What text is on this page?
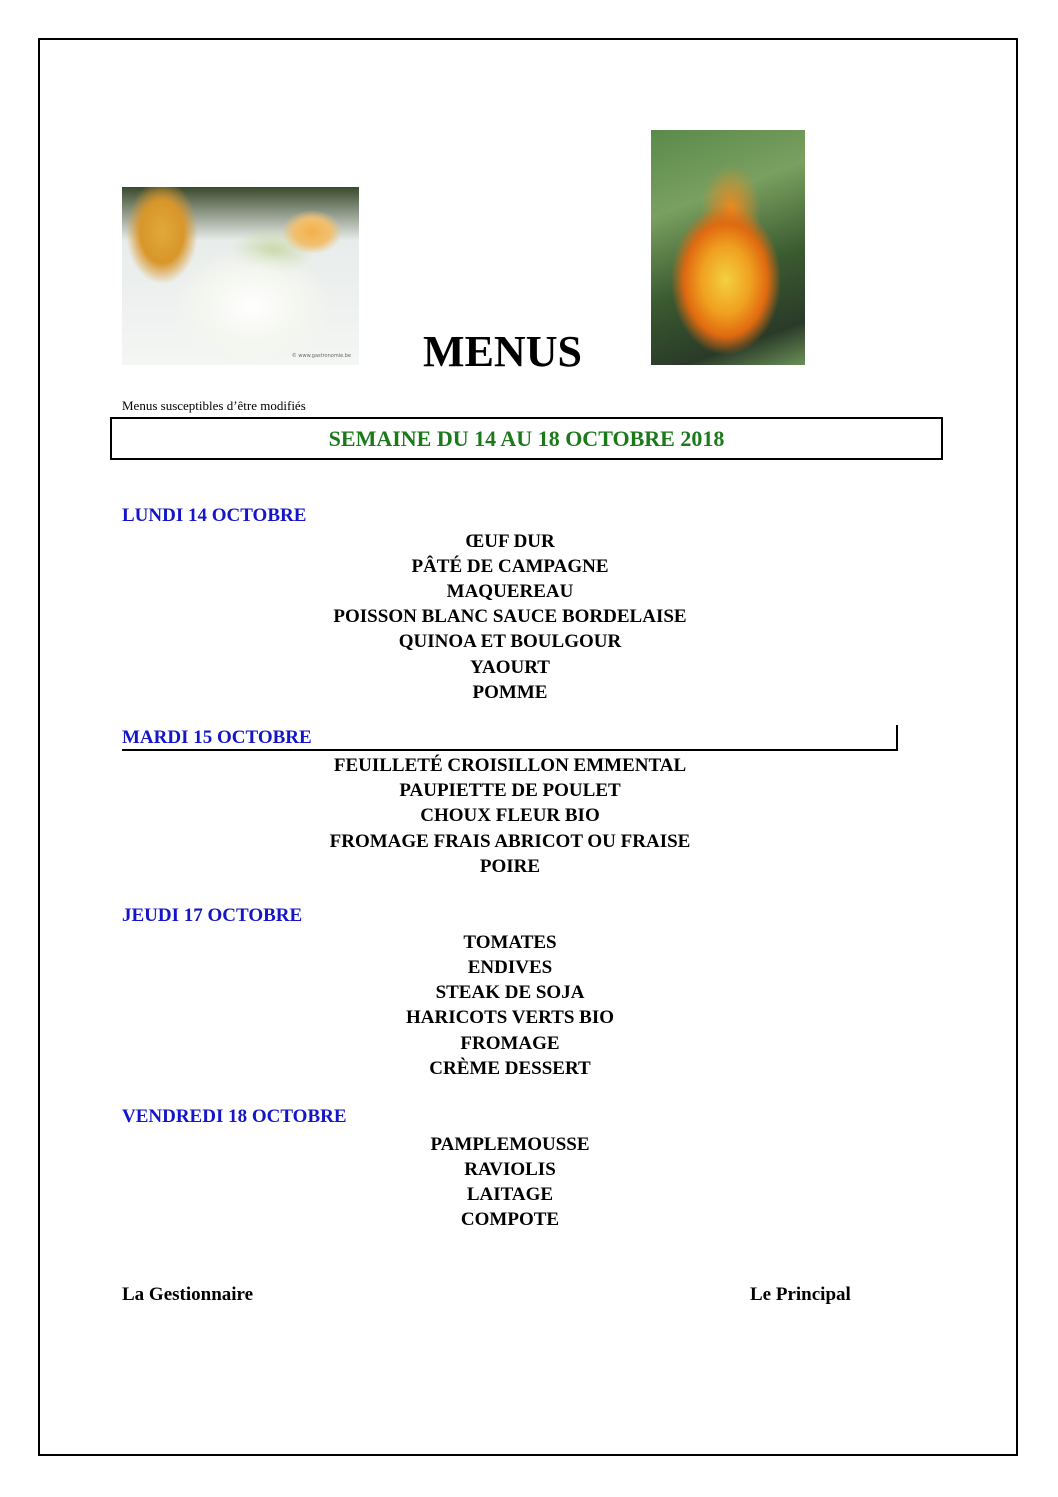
© www.gastronomie.be MENUS
Menus susceptibles d’être modifiés
SEMAINE DU 14 AU 18 OCTOBRE 2018
LUNDI 14 OCTOBRE
ŒUF DUR
PÂTÉ DE CAMPAGNE
MAQUEREAU
POISSON BLANC SAUCE BORDELAISE
QUINOA ET BOULGOUR
YAOURT
POMME
MARDI 15 OCTOBRE
FEUILLETÉ CROISILLON EMMENTAL
PAUPIETTE DE POULET
CHOUX FLEUR BIO
FROMAGE FRAIS ABRICOT OU FRAISE
POIRE
JEUDI 17 OCTOBRE
TOMATES
ENDIVES
STEAK DE SOJA
HARICOTS VERTS BIO
FROMAGE
CRÈME DESSERT
VENDREDI 18 OCTOBRE
PAMPLEMOUSSE
RAVIOLIS
LAITAGE
COMPOTE
La Gestionnaire	Le Principal
